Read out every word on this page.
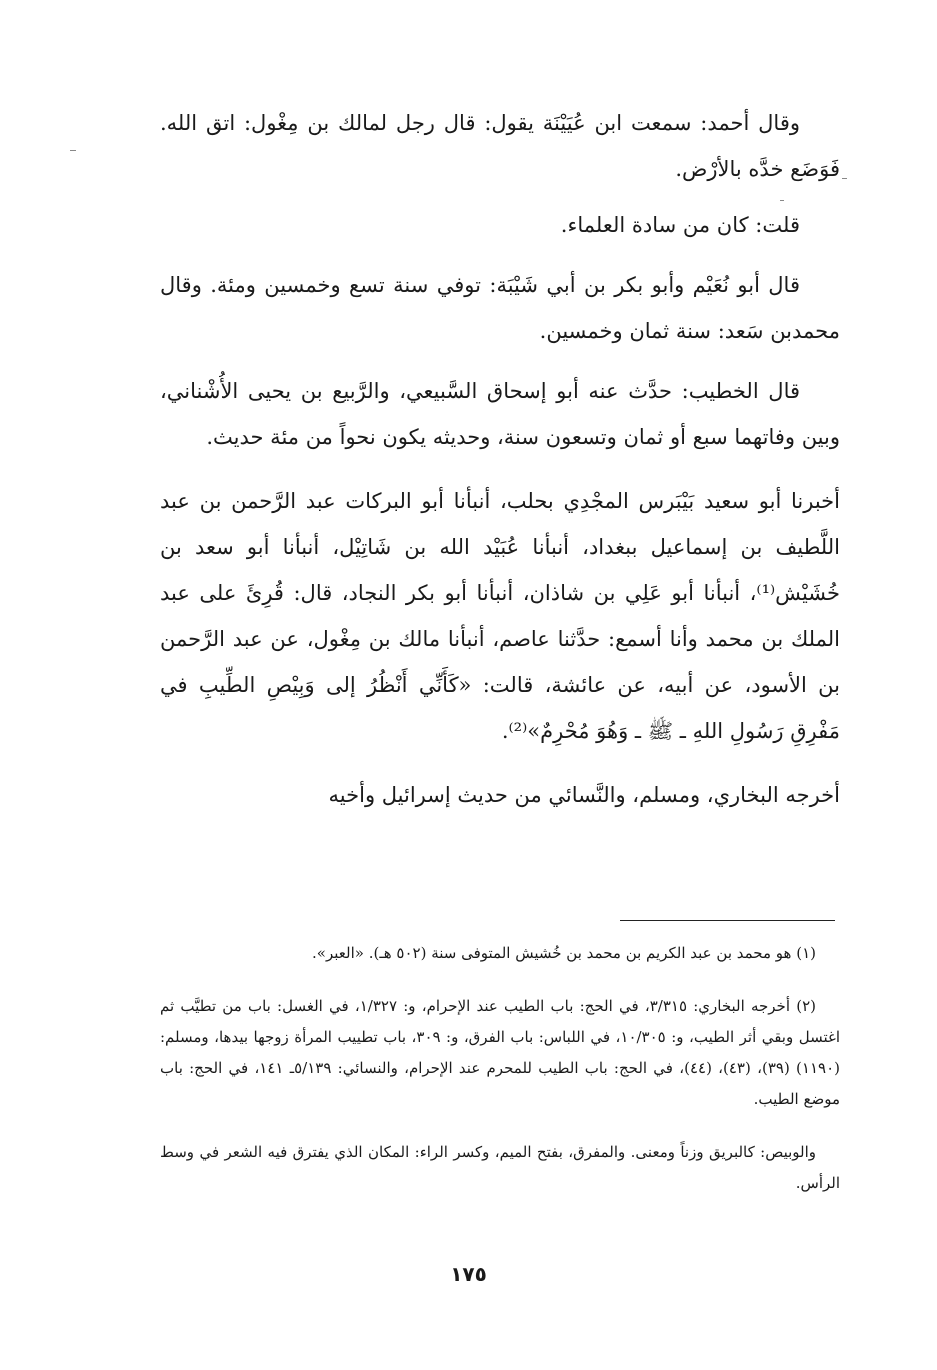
وقال أحمد: سمعت ابن عُيَيْنَة يقول: قال رجل لمالك بن مِغْول: اتق الله. فَوَضَع خدَّه بالأرْض.

قلت: كان من سادة العلماء.

قال أبو نُعَيْم وأبو بكر بن أبي شَيْبَة: توفي سنة تسع وخمسين ومئة. وقال محمدبن سَعد: سنة ثمان وخمسين.

قال الخطيب: حدَّث عنه أبو إسحاق السَّبيعي، والرَّبيع بن يحيى الأُشْناني، وبين وفاتهما سبع أو ثمان وتسعون سنة، وحديثه يكون نحواً من مئة حديث.

أخبرنا أبو سعيد بَيْبَرس المجْدِي بحلب، أنبأنا أبو البركات عبد الرَّحمن بن عبد اللَّطيف بن إسماعيل ببغداد، أنبأنا عُبَيْد الله بن شَاتِيْل، أنبأنا أبو سعد بن خُشَيْش⁽¹⁾، أنبأنا أبو عَلِي بن شاذان، أنبأنا أبو بكر النجاد، قال: قُرِئَ على عبد الملك بن محمد وأنا أسمع: حدَّثنا عاصم، أنبأنا مالك بن مِغْول، عن عبد الرَّحمن بن الأسود، عن أبيه، عن عائشة، قالت: «كَأَنِّي أَنْظُرُ إلى وَبِيْصِ الطِّيبِ في مَفْرِقِ رَسُولِ اللهِ ـ ﷺ ـ وَهُوَ مُحْرِمٌ»⁽²⁾.

أخرجه البخاري، ومسلم، والنَّسائي من حديث إسرائيل وأخيه

(١) هو محمد بن عبد الكريم بن محمد بن خُشيش المتوفى سنة (٥٠٢ هـ). «العبر».

(٢) أخرجه البخاري: ٣/٣١٥، في الحج: باب الطيب عند الإحرام، و: ١/٣٢٧، في الغسل: باب من تطيَّب ثم اغتسل وبقي أثر الطيب، و: ١٠/٣٠٥، في اللباس: باب الفرق، و: ٣٠٩، باب تطييب المرأة زوجها بيدها، ومسلم: (١١٩٠) (٣٩)، (٤٣)، (٤٤)، في الحج: باب الطيب للمحرم عند الإحرام، والنسائي: ٥/١٣٩ـ ١٤١، في الحج: باب موضع الطيب.

والوبيص: كالبريق وزناً ومعنى. والمفرق، بفتح الميم، وكسر الراء: المكان الذي يفترق فيه الشعر في وسط الرأس.

١٧٥
